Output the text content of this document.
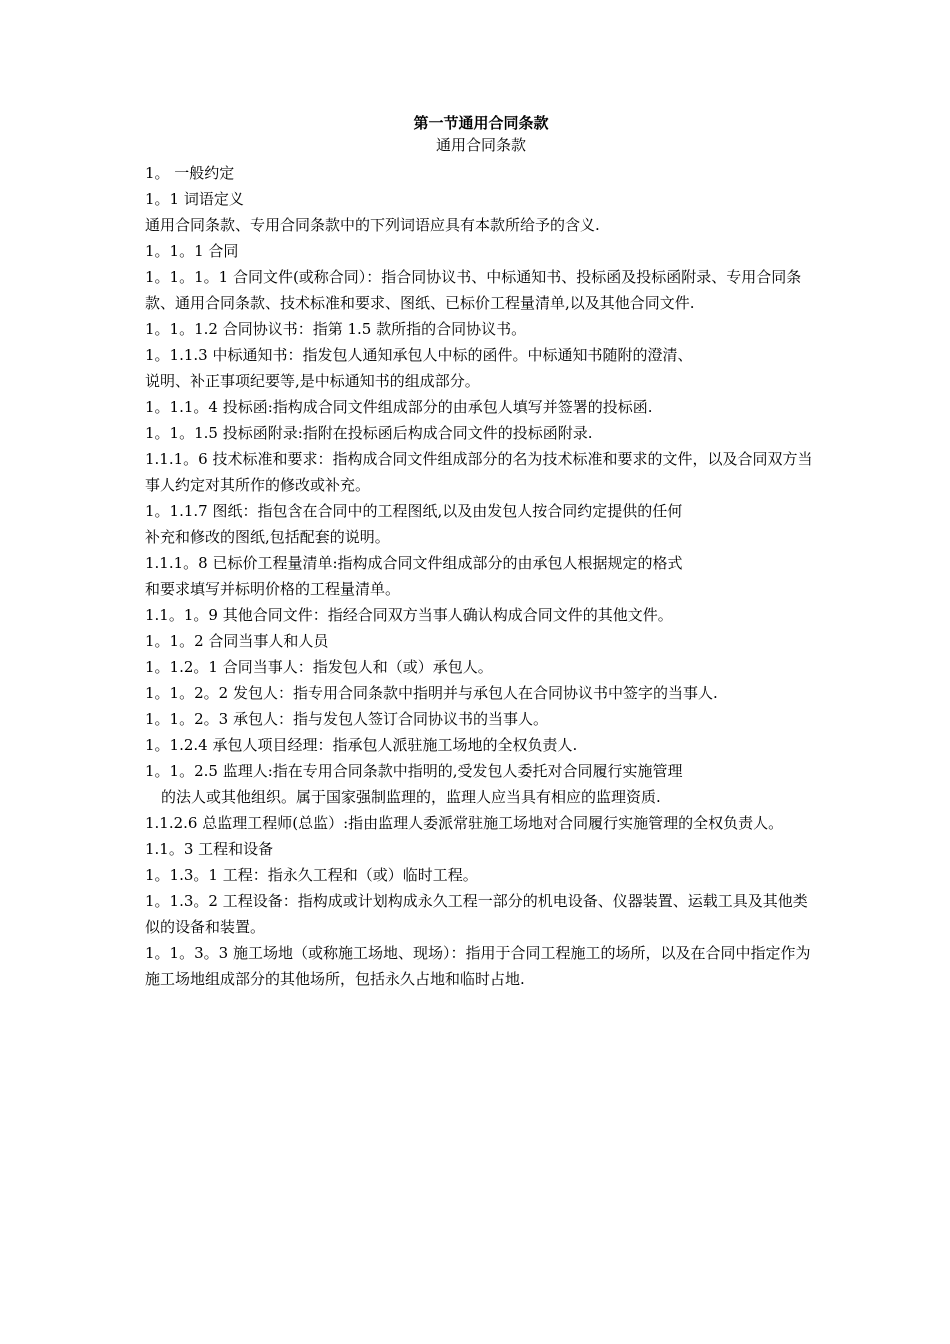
第一节通用合同条款
通用合同条款
1。 一般约定
1。1 词语定义
通用合同条款、专用合同条款中的下列词语应具有本款所给予的含义.
1。1。1 合同
1。1。1。1 合同文件(或称合同）：指合同协议书、中标通知书、投标函及投标函附录、专用合同条款、通用合同条款、技术标准和要求、图纸、已标价工程量清单,以及其他合同文件.
1。1。1.2 合同协议书：指第 1.5 款所指的合同协议书。
1。1.1.3 中标通知书：指发包人通知承包人中标的函件。中标通知书随附的澄清、
说明、补正事项纪要等,是中标通知书的组成部分。
1。1.1。4 投标函:指构成合同文件组成部分的由承包人填写并签署的投标函.
1。1。1.5 投标函附录:指附在投标函后构成合同文件的投标函附录.
1.1.1。6 技术标准和要求：指构成合同文件组成部分的名为技术标准和要求的文件，以及合同双方当事人约定对其所作的修改或补充。
1。1.1.7 图纸：指包含在合同中的工程图纸,以及由发包人按合同约定提供的任何
补充和修改的图纸,包括配套的说明。
1.1.1。8 已标价工程量清单:指构成合同文件组成部分的由承包人根据规定的格式
和要求填写并标明价格的工程量清单。
1.1。1。9 其他合同文件：指经合同双方当事人确认构成合同文件的其他文件。
1。1。2 合同当事人和人员
1。1.2。1 合同当事人：指发包人和（或）承包人。
1。1。2。2 发包人：指专用合同条款中指明并与承包人在合同协议书中签字的当事人.
1。1。2。3 承包人：指与发包人签订合同协议书的当事人。
1。1.2.4 承包人项目经理：指承包人派驻施工场地的全权负责人.
1。1。2.5 监理人:指在专用合同条款中指明的,受发包人委托对合同履行实施管理
的法人或其他组织。属于国家强制监理的，监理人应当具有相应的监理资质.
1.1.2.6 总监理工程师(总监）:指由监理人委派常驻施工场地对合同履行实施管理的全权负责人。
1.1。3 工程和设备
1。1.3。1 工程：指永久工程和（或）临时工程。
1。1.3。2 工程设备：指构成或计划构成永久工程一部分的机电设备、仪器装置、运载工具及其他类似的设备和装置。
1。1。3。3 施工场地（或称施工场地、现场）：指用于合同工程施工的场所，以及在合同中指定作为施工场地组成部分的其他场所，包括永久占地和临时占地.
